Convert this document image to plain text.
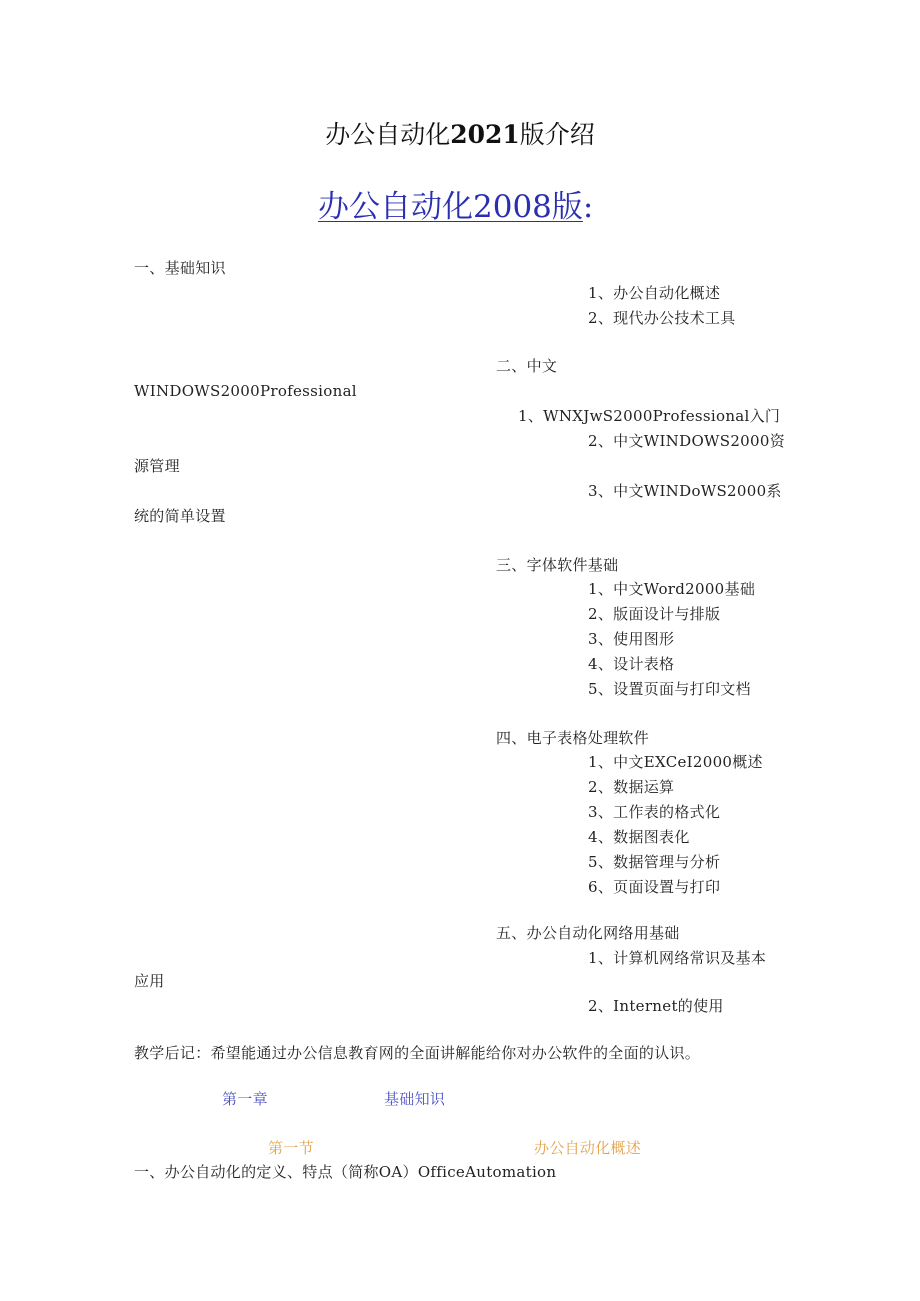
办公自动化2021版介绍
办公自动化2008版:
一、基础知识
1、办公自动化概述
2、现代办公技术工具
二、中文
WINDOWS2000Professional
1、WNXJwS2000Professional入门
2、中文WINDOWS2000资
源管理
3、中文WINDoWS2000系
统的简单设置
三、字体软件基础
1、中文Word2000基础
2、版面设计与排版
3、使用图形
4、设计表格
5、设置页面与打印文档
四、电子表格处理软件
1、中文EXCeI2000概述
2、数据运算
3、工作表的格式化
4、数据图表化
5、数据管理与分析
6、页面设置与打印
五、办公自动化网络用基础
1、计算机网络常识及基本
应用
2、Internet的使用
教学后记：希望能通过办公信息教育网的全面讲解能给你对办公软件的全面的认识。
第一章	基础知识
第一节	办公自动化概述
一、办公自动化的定义、特点（简称OA）OfficeAutomation
